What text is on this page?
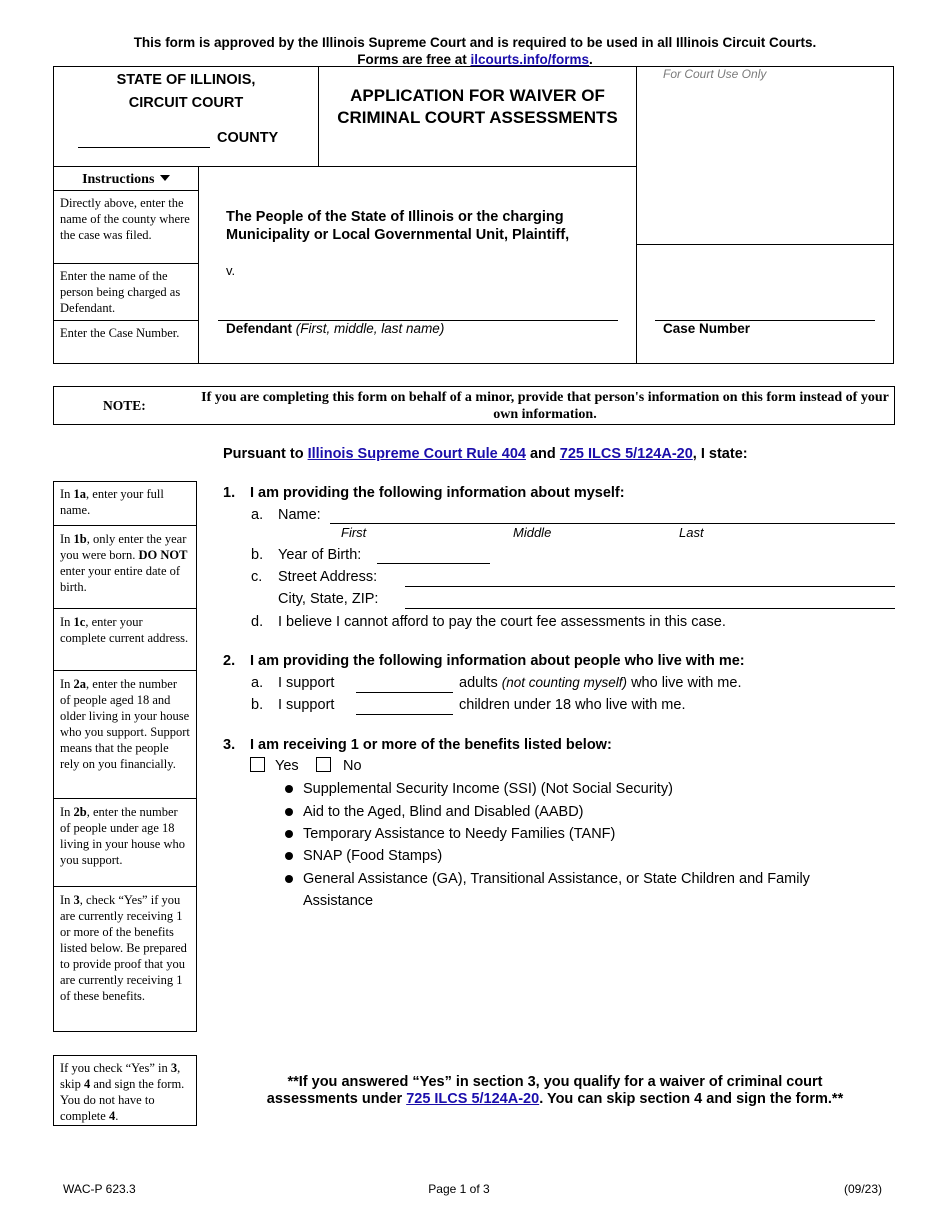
This form is approved by the Illinois Supreme Court and is required to be used in all Illinois Circuit Courts.
Forms are free at ilcourts.info/forms.
STATE OF ILLINOIS,
CIRCUIT COURT
COUNTY
APPLICATION FOR WAIVER OF CRIMINAL COURT ASSESSMENTS
For Court Use Only
Instructions
Directly above, enter the name of the county where the case was filed.
Enter the name of the person being charged as Defendant.
Enter the Case Number.
The People of the State of Illinois or the charging Municipality or Local Governmental Unit, Plaintiff,
v.
Defendant (First, middle, last name)	Case Number
NOTE:
If you are completing this form on behalf of a minor, provide that person's information on this form instead of your own information.
Pursuant to Illinois Supreme Court Rule 404 and 725 ILCS 5/124A-20, I state:
In 1a, enter your full name.
In 1b, only enter the year you were born. DO NOT enter your entire date of birth.
In 1c, enter your complete current address.
In 2a, enter the number of people aged 18 and older living in your house who you support. Support means that the people rely on you financially.
In 2b, enter the number of people under age 18 living in your house who you support.
In 3, check “Yes” if you are currently receiving 1 or more of the benefits listed below. Be prepared to provide proof that you are currently receiving 1 of these benefits.
If you check “Yes” in 3, skip 4 and sign the form. You do not have to complete 4.
1. I am providing the following information about myself:
a. Name:
First	Middle	Last
b. Year of Birth:
c. Street Address:
City, State, ZIP:
d. I believe I cannot afford to pay the court fee assessments in this case.
2. I am providing the following information about people who live with me:
a. I support	adults (not counting myself) who live with me.
b. I support	children under 18 who live with me.
3. I am receiving 1 or more of the benefits listed below:
Yes	No
Supplemental Security Income (SSI) (Not Social Security)
Aid to the Aged, Blind and Disabled (AABD)
Temporary Assistance to Needy Families (TANF)
SNAP (Food Stamps)
General Assistance (GA), Transitional Assistance, or State Children and Family
Assistance
**If you answered “Yes” in section 3, you qualify for a waiver of criminal court
assessments under 725 ILCS 5/124A-20. You can skip section 4 and sign the form.**
WAC-P 623.3	Page 1 of 3	(09/23)
